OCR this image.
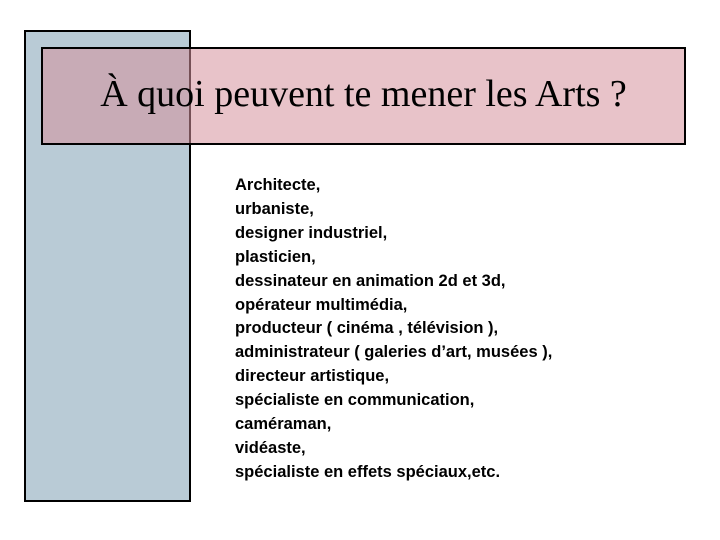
À quoi peuvent te mener les Arts ?
Architecte,
urbaniste,
designer industriel,
plasticien,
dessinateur en animation 2d et 3d,
opérateur multimédia,
producteur ( cinéma , télévision ),
administrateur ( galeries d’art, musées ),
directeur artistique,
spécialiste en communication,
caméraman,
vidéaste,
spécialiste en effets spéciaux,etc.
